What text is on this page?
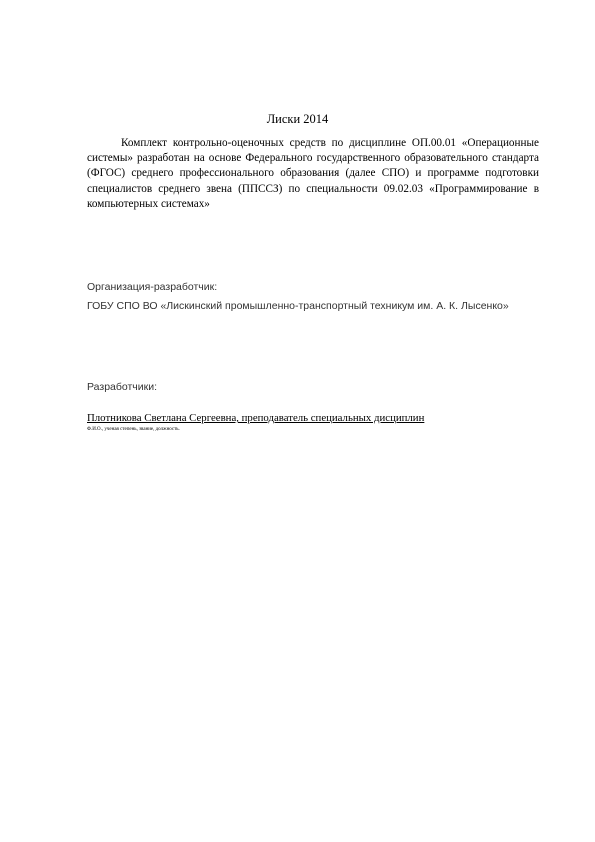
Лиски 2014

Комплект контрольно-оценочных средств по дисциплине ОП.00.01 «Операционные системы» разработан на основе Федерального государственного образовательного стандарта (ФГОС) среднего профессионального образования (далее СПО) и программе подготовки специалистов среднего звена (ППССЗ) по специальности 09.02.03 «Программирование в компьютерных системах»

Организация-разработчик:
ГОБУ СПО ВО «Лискинский промышленно-транспортный техникум им. А. К. Лысенко»
Разработчики:
Плотникова Светлана Сергеевна, преподаватель специальных дисциплин
Ф.И.О., ученая степень, звание, должность.
